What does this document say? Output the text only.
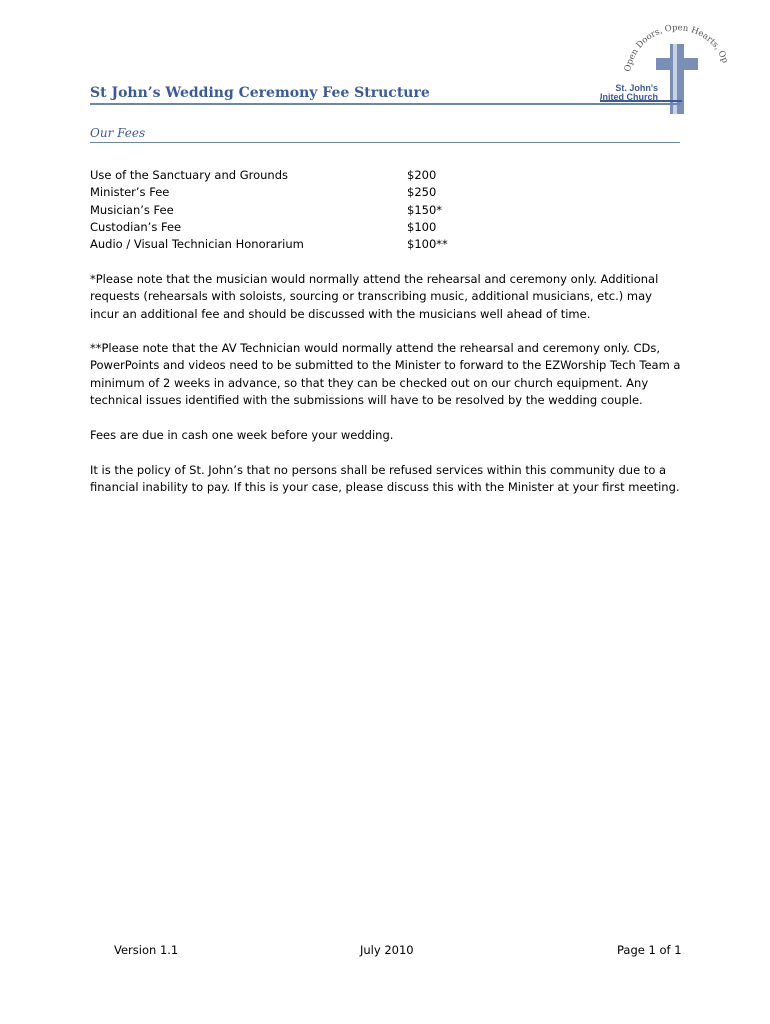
Open Doors, Open Hearts, Op
St. John's
United Church
St John’s Wedding Ceremony Fee Structure
Our Fees
Use of the Sanctuary and Grounds	$200
Minister’s Fee	$250
Musician’s Fee	$150*
Custodian’s Fee	$100
Audio / Visual Technician Honorarium	$100**

*Please note that the musician would normally attend the rehearsal and ceremony only. Additional requests (rehearsals with soloists, sourcing or transcribing music, additional musicians, etc.) may incur an additional fee and should be discussed with the musicians well ahead of time.

**Please note that the AV Technician would normally attend the rehearsal and ceremony only. CDs, PowerPoints and videos need to be submitted to the Minister to forward to the EZWorship Tech Team a minimum of 2 weeks in advance, so that they can be checked out on our church equipment. Any technical issues identified with the submissions will have to be resolved by the wedding couple.

Fees are due in cash one week before your wedding.

It is the policy of St. John’s that no persons shall be refused services within this community due to a financial inability to pay. If this is your case, please discuss this with the Minister at your first meeting.

Version 1.1	July 2010	Page 1 of 1
